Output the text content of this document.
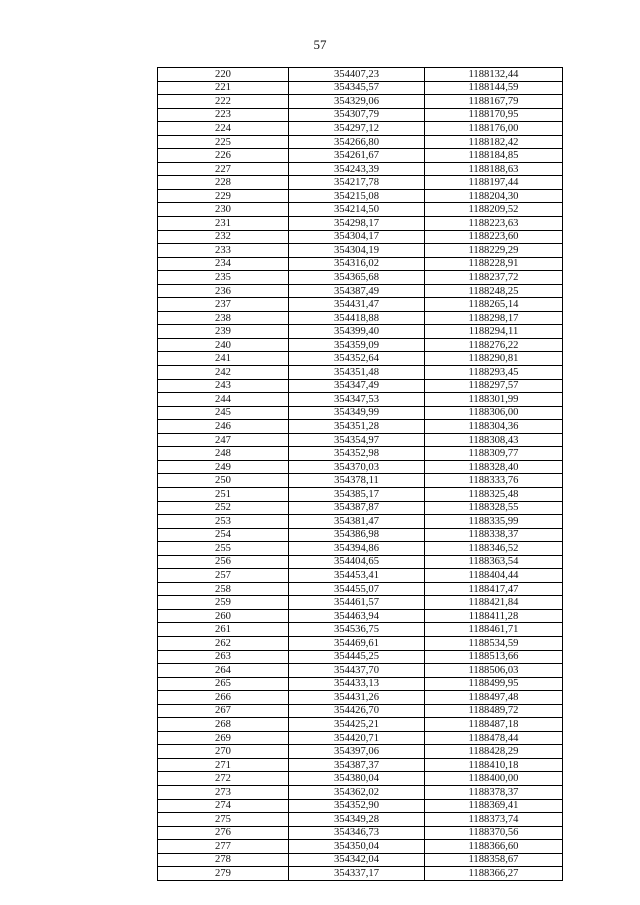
57
220	354407,23	1188132,44
221	354345,57	1188144,59
222	354329,06	1188167,79
223	354307,79	1188170,95
224	354297,12	1188176,00
225	354266,80	1188182,42
226	354261,67	1188184,85
227	354243,39	1188188,63
228	354217,78	1188197,44
229	354215,08	1188204,30
230	354214,50	1188209,52
231	354298,17	1188223,63
232	354304,17	1188223,60
233	354304,19	1188229,29
234	354316,02	1188228,91
235	354365,68	1188237,72
236	354387,49	1188248,25
237	354431,47	1188265,14
238	354418,88	1188298,17
239	354399,40	1188294,11
240	354359,09	1188276,22
241	354352,64	1188290,81
242	354351,48	1188293,45
243	354347,49	1188297,57
244	354347,53	1188301,99
245	354349,99	1188306,00
246	354351,28	1188304,36
247	354354,97	1188308,43
248	354352,98	1188309,77
249	354370,03	1188328,40
250	354378,11	1188333,76
251	354385,17	1188325,48
252	354387,87	1188328,55
253	354381,47	1188335,99
254	354386,98	1188338,37
255	354394,86	1188346,52
256	354404,65	1188363,54
257	354453,41	1188404,44
258	354455,07	1188417,47
259	354461,57	1188421,84
260	354463,94	1188411,28
261	354536,75	1188461,71
262	354469,61	1188534,59
263	354445,25	1188513,66
264	354437,70	1188506,03
265	354433,13	1188499,95
266	354431,26	1188497,48
267	354426,70	1188489,72
268	354425,21	1188487,18
269	354420,71	1188478,44
270	354397,06	1188428,29
271	354387,37	1188410,18
272	354380,04	1188400,00
273	354362,02	1188378,37
274	354352,90	1188369,41
275	354349,28	1188373,74
276	354346,73	1188370,56
277	354350,04	1188366,60
278	354342,04	1188358,67
279	354337,17	1188366,27
